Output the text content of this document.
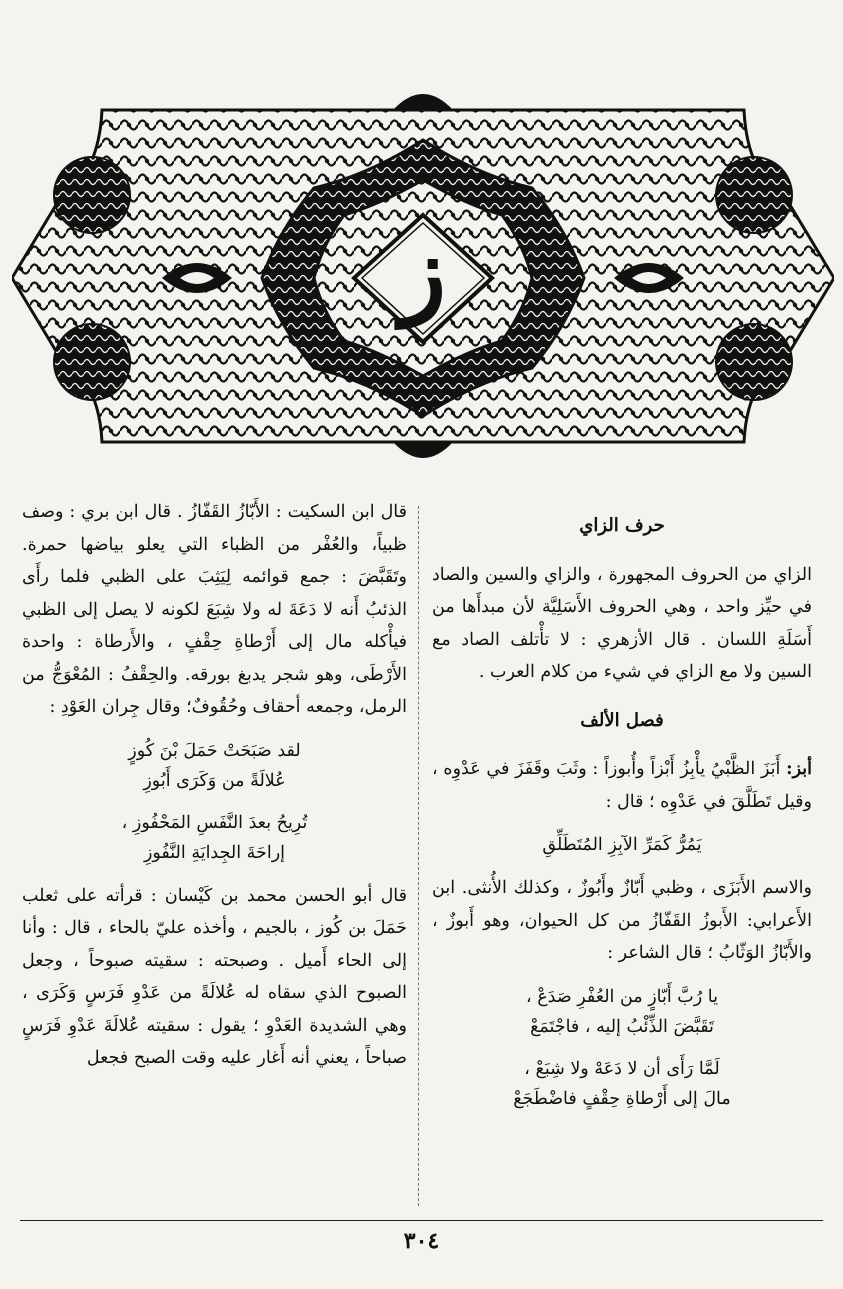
ز

حرف الزاي

الزاي من الحروف المجهورة ، والزاي والسين والصاد في حيِّز واحد ، وهي الحروف الأَسَلِيَّة لأن مبدأَها من أَسَلَةِ اللسان . قال الأزهري : لا تأْتلف الصاد مع السين ولا مع الزاي في شيء من كلام العرب .

فصل الألف

أبز: أَبَزَ الظَّبْيُ يأْبِزُ أَبْزاً وأُبوزاً : وثَبَ وقَفَزَ في عَدْوِه ، وقيل تَطَلَّقَ في عَدْوِه ؛ قال :

يَمُرُّ كَمَرِّ الآبِزِ المُتَطَلِّقِ

والاسم الأَبَزَى ، وظبي أَبّازٌ وأَبُوزٌ ، وكذلك الأُنثى. ابن الأَعرابي: الأَبوزُ القَفّازُ من كل الحيوان، وهو أَبوزٌ ، والأَبّازُ الوَثّابُ ؛ قال الشاعر :

يا رُبَّ أَبّازٍ من العُفْرِ صَدَعْ ،
تَقَبَّضَ الذِّئْبُ إليه ، فاجْتَمَعْ

لَمَّا رَأَى أن لا دَعَهْ ولا شِبَعْ ،
مالَ إلى أَرْطاةِ حِقْفٍ فاضْطَجَعْ

قال ابن السكيت : الأَبّازُ القَفّازُ . قال ابن بري : وصف ظبياً، والعُفْر من الظباء التي يعلو بياضها حمرة. وتَقَبَّضَ : جمع قوائمه لِيَثِبَ على الظبي فلما رأَى الذئبُ أَنه لا دَعَةَ له ولا شِبَعَ لكونه لا يصل إلى الظبي فيأْكله مال إلى أَرْطاةِ حِقْفٍ ، والأَرطاة : واحدة الأَرْطَى، وهو شجر يدبغ بورقه. والحِقْفُ : المُعْوَجُّ من الرمل، وجمعه أحقاف وحُقُوفٌ؛ وقال جِران العَوْدِ :

لقد صَبَحَتْ حَمَلَ بْنَ كُوزٍ
عُلالَةً من وَكَرَى أَبُوزِ

تُرِيحُ بعدَ النَّفَسِ المَحْفُوزِ ،
إراحَةَ الجِدايَةِ النَّفُوزِ

قال أبو الحسن محمد بن كَيْسان : قرأته على ثعلب حَمَلَ بن كُوز ، بالجيم ، وأخذه عليّ بالحاء ، قال : وأنا إلى الحاء أَميل . وصبحته : سقيته صبوحاً ، وجعل الصبوح الذي سقاه له عُلالَةً من عَدْوِ فَرَسٍ وَكَرَى ، وهي الشديدة العَدْوِ ؛ يقول : سقيته عُلالَةَ عَدْوِ فَرَسٍ صباحاً ، يعني أنه أَغار عليه وقت الصبح فجعل

٣٠٤
